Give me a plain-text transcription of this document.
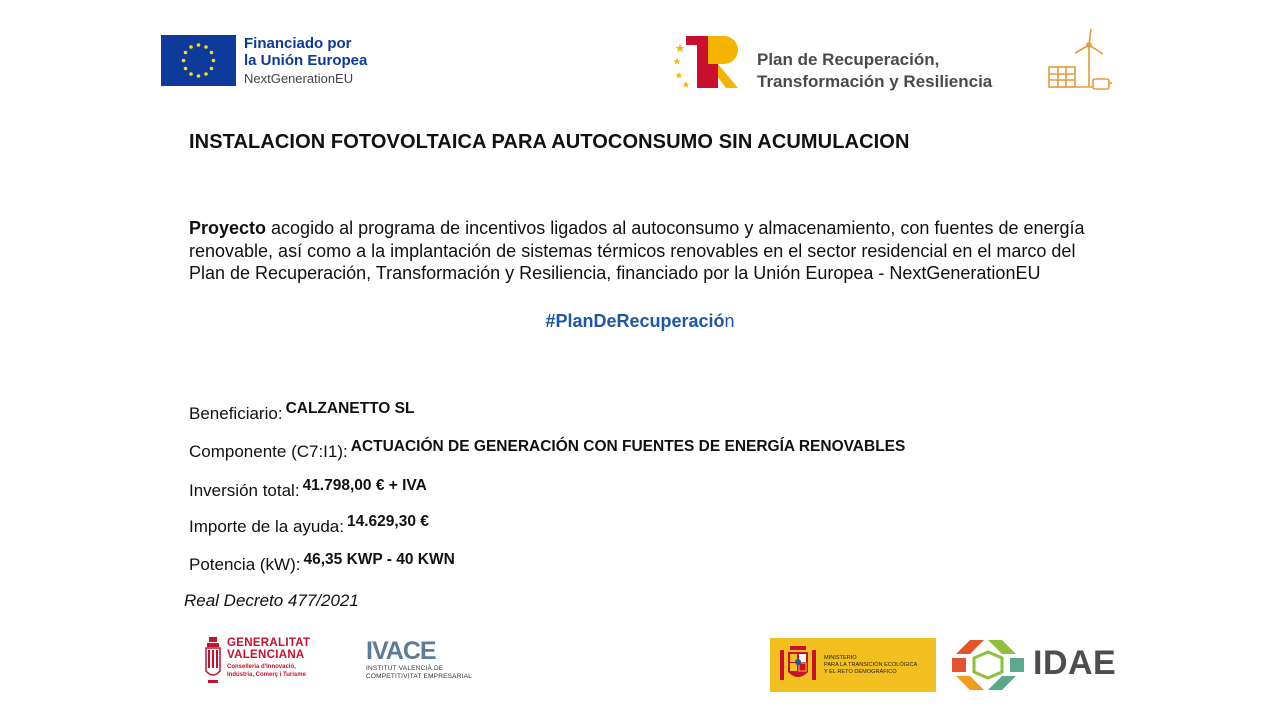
Financiado por
la Unión Europea
NextGenerationEU
Plan de Recuperación,
Transformación y Resiliencia
INSTALACION FOTOVOLTAICA PARA AUTOCONSUMO SIN ACUMULACION
Proyecto acogido al programa de incentivos ligados al autoconsumo y almacenamiento, con fuentes de energía
renovable, así como a la implantación de sistemas térmicos renovables en el sector residencial en el marco del
Plan de Recuperación, Transformación y Resiliencia, financiado por la Unión Europea - NextGenerationEU
#PlanDeRecuperación
Beneficiario: CALZANETTO SL
Componente (C7:I1): ACTUACIÓN DE GENERACIÓN CON FUENTES DE ENERGÍA RENOVABLES
Inversión total: 41.798,00 € + IVA
Importe de la ayuda: 14.629,30 €
Potencia (kW): 46,35 KWP - 40 KWN
Real Decreto 477/2021
GENERALITAT
VALENCIANA
Conselleria d'Innovació,
Indústria, Comerç i Turisme
IVACE
INSTITUT VALENCIÀ DE
COMPETITIVITAT EMPRESARIAL
MINISTERIO
PARA LA TRANSICIÓN ECOLÓGICA
Y EL RETO DEMOGRÁFICO	IDAE
